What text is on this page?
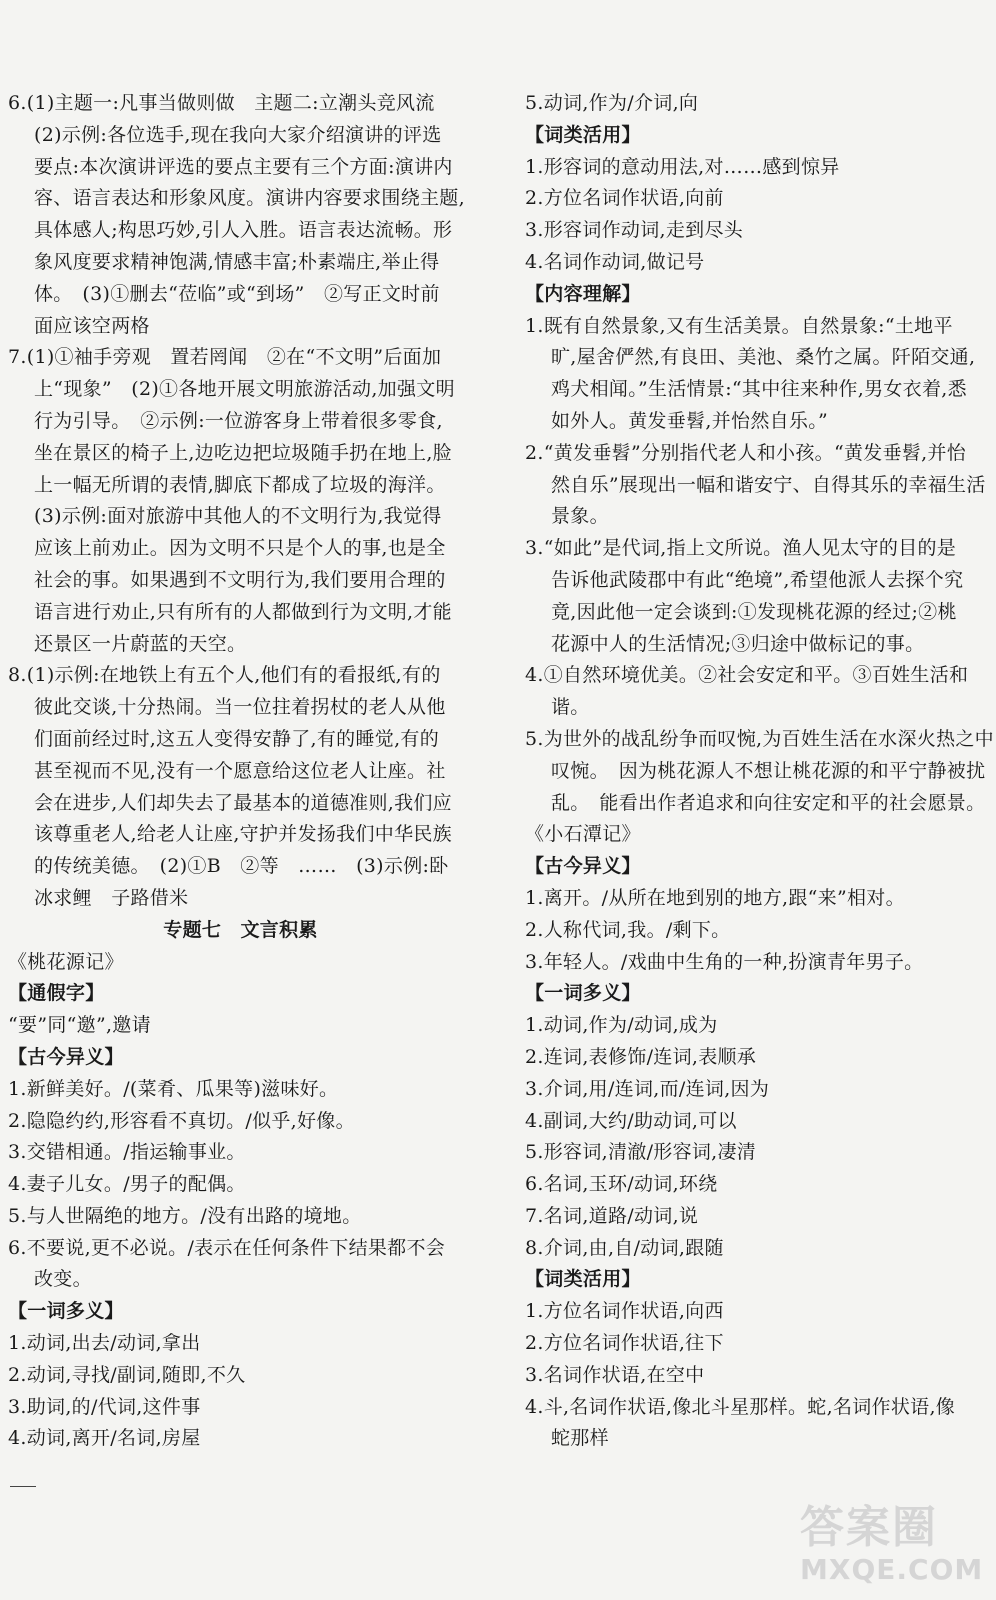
6.(1)主题一:凡事当做则做　主题二:立潮头竞风流
(2)示例:各位选手,现在我向大家介绍演讲的评选
要点:本次演讲评选的要点主要有三个方面:演讲内
容、语言表达和形象风度。演讲内容要求围绕主题,
具体感人;构思巧妙,引人入胜。语言表达流畅。形
象风度要求精神饱满,情感丰富;朴素端庄,举止得
体。　(3)①删去“莅临”或“到场”　②写正文时前
面应该空两格
7.(1)①袖手旁观　置若罔闻　②在“不文明”后面加
上“现象”　(2)①各地开展文明旅游活动,加强文明
行为引导。　②示例:一位游客身上带着很多零食,
坐在景区的椅子上,边吃边把垃圾随手扔在地上,脸
上一幅无所谓的表情,脚底下都成了垃圾的海洋。
(3)示例:面对旅游中其他人的不文明行为,我觉得
应该上前劝止。因为文明不只是个人的事,也是全
社会的事。如果遇到不文明行为,我们要用合理的
语言进行劝止,只有所有的人都做到行为文明,才能
还景区一片蔚蓝的天空。
8.(1)示例:在地铁上有五个人,他们有的看报纸,有的
彼此交谈,十分热闹。当一位拄着拐杖的老人从他
们面前经过时,这五人变得安静了,有的睡觉,有的
甚至视而不见,没有一个愿意给这位老人让座。社
会在进步,人们却失去了最基本的道德准则,我们应
该尊重老人,给老人让座,守护并发扬我们中华民族
的传统美德。　(2)①B　②等　……　(3)示例:卧
冰求鲤　子路借米
专题七　文言积累
《桃花源记》
【通假字】
“要”同“邀”,邀请
【古今异义】
1.新鲜美好。/(菜肴、瓜果等)滋味好。
2.隐隐约约,形容看不真切。/似乎,好像。
3.交错相通。/指运输事业。
4.妻子儿女。/男子的配偶。
5.与人世隔绝的地方。/没有出路的境地。
6.不要说,更不必说。/表示在任何条件下结果都不会
改变。
【一词多义】
1.动词,出去/动词,拿出
2.动词,寻找/副词,随即,不久
3.助词,的/代词,这件事
4.动词,离开/名词,房屋
5.动词,作为/介词,向
【词类活用】
1.形容词的意动用法,对……感到惊异
2.方位名词作状语,向前
3.形容词作动词,走到尽头
4.名词作动词,做记号
【内容理解】
1.既有自然景象,又有生活美景。自然景象:“土地平
旷,屋舍俨然,有良田、美池、桑竹之属。阡陌交通,
鸡犬相闻。”生活情景:“其中往来种作,男女衣着,悉
如外人。黄发垂髫,并怡然自乐。”
2.“黄发垂髫”分别指代老人和小孩。“黄发垂髫,并怡
然自乐”展现出一幅和谐安宁、自得其乐的幸福生活
景象。
3.“如此”是代词,指上文所说。渔人见太守的目的是
告诉他武陵郡中有此“绝境”,希望他派人去探个究
竟,因此他一定会谈到:①发现桃花源的经过;②桃
花源中人的生活情况;③归途中做标记的事。
4.①自然环境优美。②社会安定和平。③百姓生活和
谐。
5.为世外的战乱纷争而叹惋,为百姓生活在水深火热之中
叹惋。　因为桃花源人不想让桃花源的和平宁静被扰
乱。　能看出作者追求和向往安定和平的社会愿景。
《小石潭记》
【古今异义】
1.离开。/从所在地到别的地方,跟“来”相对。
2.人称代词,我。/剩下。
3.年轻人。/戏曲中生角的一种,扮演青年男子。
【一词多义】
1.动词,作为/动词,成为
2.连词,表修饰/连词,表顺承
3.介词,用/连词,而/连词,因为
4.副词,大约/助动词,可以
5.形容词,清澈/形容词,凄清
6.名词,玉环/动词,环绕
7.名词,道路/动词,说
8.介词,由,自/动词,跟随
【词类活用】
1.方位名词作状语,向西
2.方位名词作状语,往下
3.名词作状语,在空中
4.斗,名词作状语,像北斗星那样。蛇,名词作状语,像
蛇那样
答案圈
MXQE.COM
